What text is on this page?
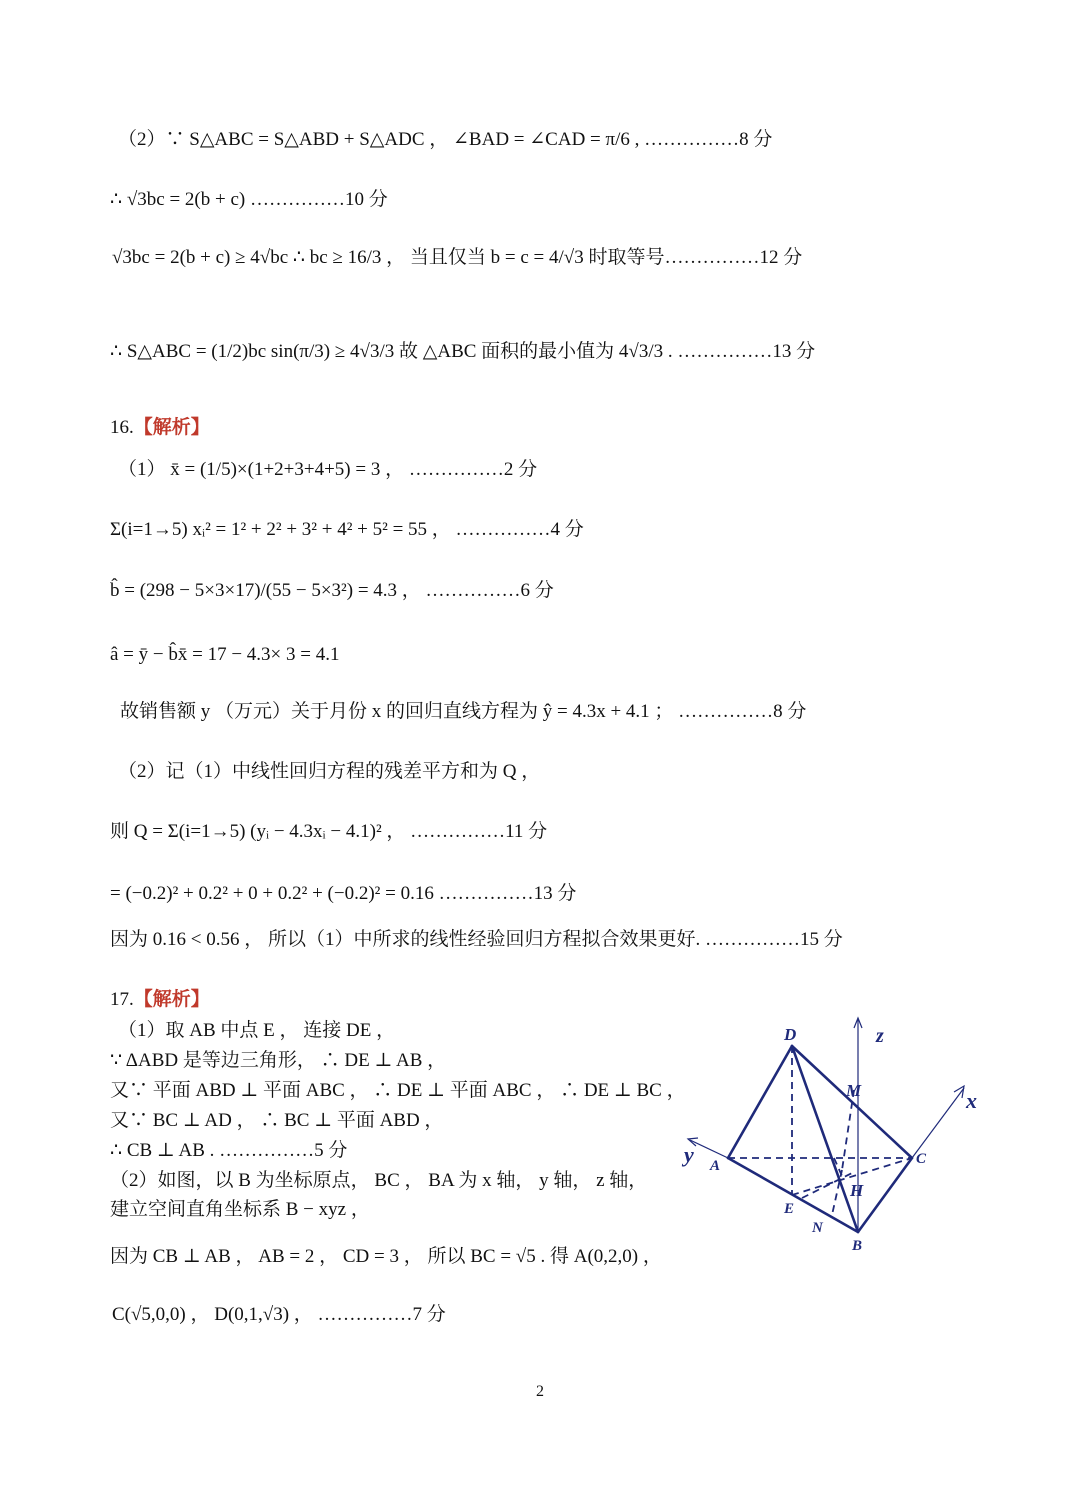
（2）∵ S△ABC = S△ABD + S△ADC ， ∠BAD = ∠CAD = π/6 , ……………8 分
∴ √3bc = 2(b + c) ……………10 分
√3bc = 2(b + c) ≥ 4√bc ∴ bc ≥ 16/3 ， 当且仅当 b = c = 4/√3 时取等号……………12 分
∴ S△ABC = (1/2)bc sin(π/3) ≥ 4√3/3 故 △ABC 面积的最小值为 4√3/3 . ……………13 分
16.【解析】
（1） x̄ = (1/5)×(1+2+3+4+5) = 3 ， ……………2 分
Σ(i=1→5) xᵢ² = 1² + 2² + 3² + 4² + 5² = 55 ， ……………4 分
b̂ = (298 − 5×3×17)/(55 − 5×3²) = 4.3 ， ……………6 分
â = ȳ − b̂x̄ = 17 − 4.3× 3 = 4.1
故销售额 y （万元）关于月份 x 的回归直线方程为 ŷ = 4.3x + 4.1 ； ……………8 分
（2）记（1）中线性回归方程的残差平方和为 Q ，
则 Q = Σ(i=1→5) (yᵢ − 4.3xᵢ − 4.1)² ， ……………11 分
= (−0.2)² + 0.2² + 0 + 0.2² + (−0.2)² = 0.16 ……………13 分
因为 0.16 < 0.56 ， 所以（1）中所求的线性经验回归方程拟合效果更好. ……………15 分
17.【解析】
（1）取 AB 中点 E ， 连接 DE ，
∵ ΔABD 是等边三角形， ∴ DE ⊥ AB ，
又∵ 平面 ABD ⊥ 平面 ABC ， ∴ DE ⊥ 平面 ABC ， ∴ DE ⊥ BC ，
又∵ BC ⊥ AD ， ∴ BC ⊥ 平面 ABD ，
∴ CB ⊥ AB . ……………5 分
（2）如图，以 B 为坐标原点， BC ， BA 为 x 轴， y 轴， z 轴，
建立空间直角坐标系 B − xyz ，
因为 CB ⊥ AB ， AB = 2 ， CD = 3 ， 所以 BC = √5 . 得 A(0,2,0) ，
C(√5,0,0) ， D(0,1,√3) ， ……………7 分
D
M
z
x
y A	C
H
E
N
B
2
